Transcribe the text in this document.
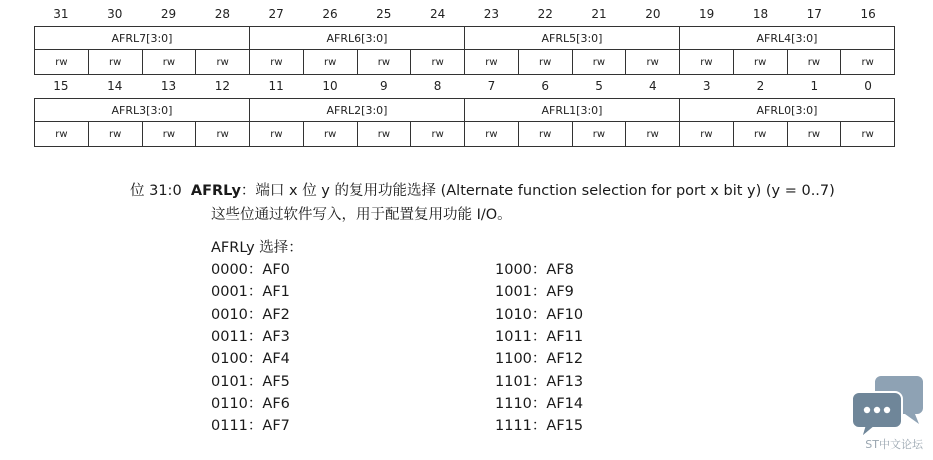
31	30	29	28	27	26	25	24	23	22	21	20	19	18	17	16
AFRL7[3:0]				AFRL6[3:0]				AFRL5[3:0]				AFRL4[3:0]			
rw	rw	rw	rw	rw	rw	rw	rw	rw	rw	rw	rw	rw	rw	rw	rw
15	14	13	12	11	10	9	8	7	6	5	4	3	2	1	0
AFRL3[3:0]				AFRL2[3:0]				AFRL1[3:0]				AFRL0[3:0]			
rw	rw	rw	rw	rw	rw	rw	rw	rw	rw	rw	rw	rw	rw	rw	rw
位 31:0 AFRLy：端口 x 位 y 的复用功能选择 (Alternate function selection for port x bit y) (y = 0..7)
这些位通过软件写入，用于配置复用功能 I/O。
AFRLy 选择：
0000：AF0
0001：AF1
0010：AF2
0011：AF3
0100：AF4
0101：AF5
0110：AF6
0111：AF7
1000：AF8
1001：AF9
1010：AF10
1011：AF11
1100：AF12
1101：AF13
1110：AF14
1111：AF15
ST中文论坛
